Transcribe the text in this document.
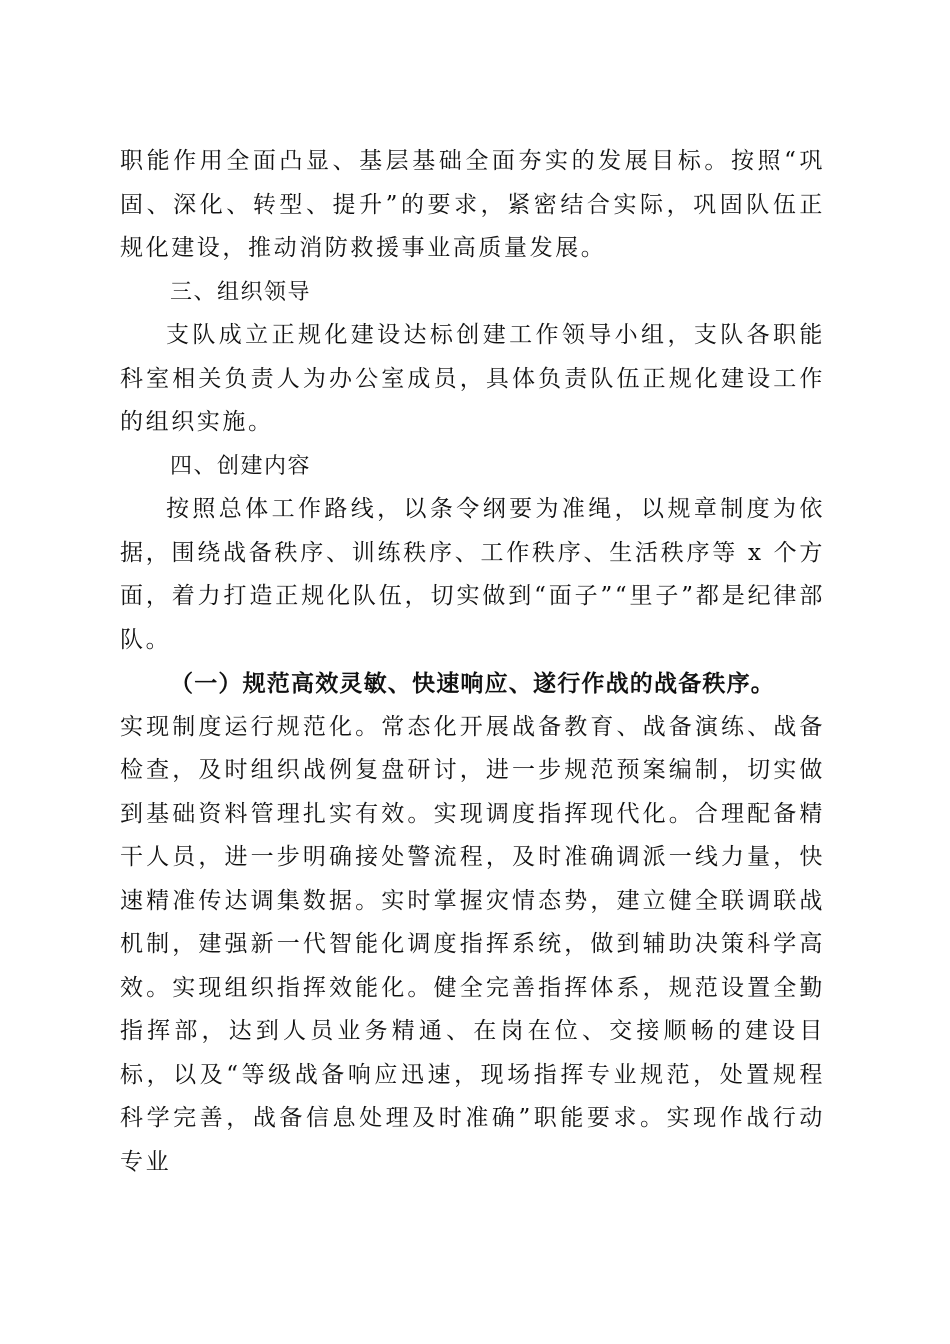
职能作用全面凸显、基层基础全面夯实的发展目标。按照“巩固、深化、转型、提升”的要求，紧密结合实际，巩固队伍正规化建设，推动消防救援事业高质量发展。

三、组织领导

支队成立正规化建设达标创建工作领导小组，支队各职能科室相关负责人为办公室成员，具体负责队伍正规化建设工作的组织实施。

四、创建内容

按照总体工作路线，以条令纲要为准绳，以规章制度为依据，围绕战备秩序、训练秩序、工作秩序、生活秩序等 x 个方面，着力打造正规化队伍，切实做到“面子”“里子”都是纪律部队。

（一）规范高效灵敏、快速响应、遂行作战的战备秩序。

实现制度运行规范化。常态化开展战备教育、战备演练、战备检查，及时组织战例复盘研讨，进一步规范预案编制，切实做到基础资料管理扎实有效。实现调度指挥现代化。合理配备精干人员，进一步明确接处警流程，及时准确调派一线力量，快速精准传达调集数据。实时掌握灾情态势，建立健全联调联战机制，建强新一代智能化调度指挥系统，做到辅助决策科学高效。实现组织指挥效能化。健全完善指挥体系，规范设置全勤指挥部，达到人员业务精通、在岗在位、交接顺畅的建设目标，以及“等级战备响应迅速，现场指挥专业规范，处置规程科学完善，战备信息处理及时准确”职能要求。实现作战行动专业
